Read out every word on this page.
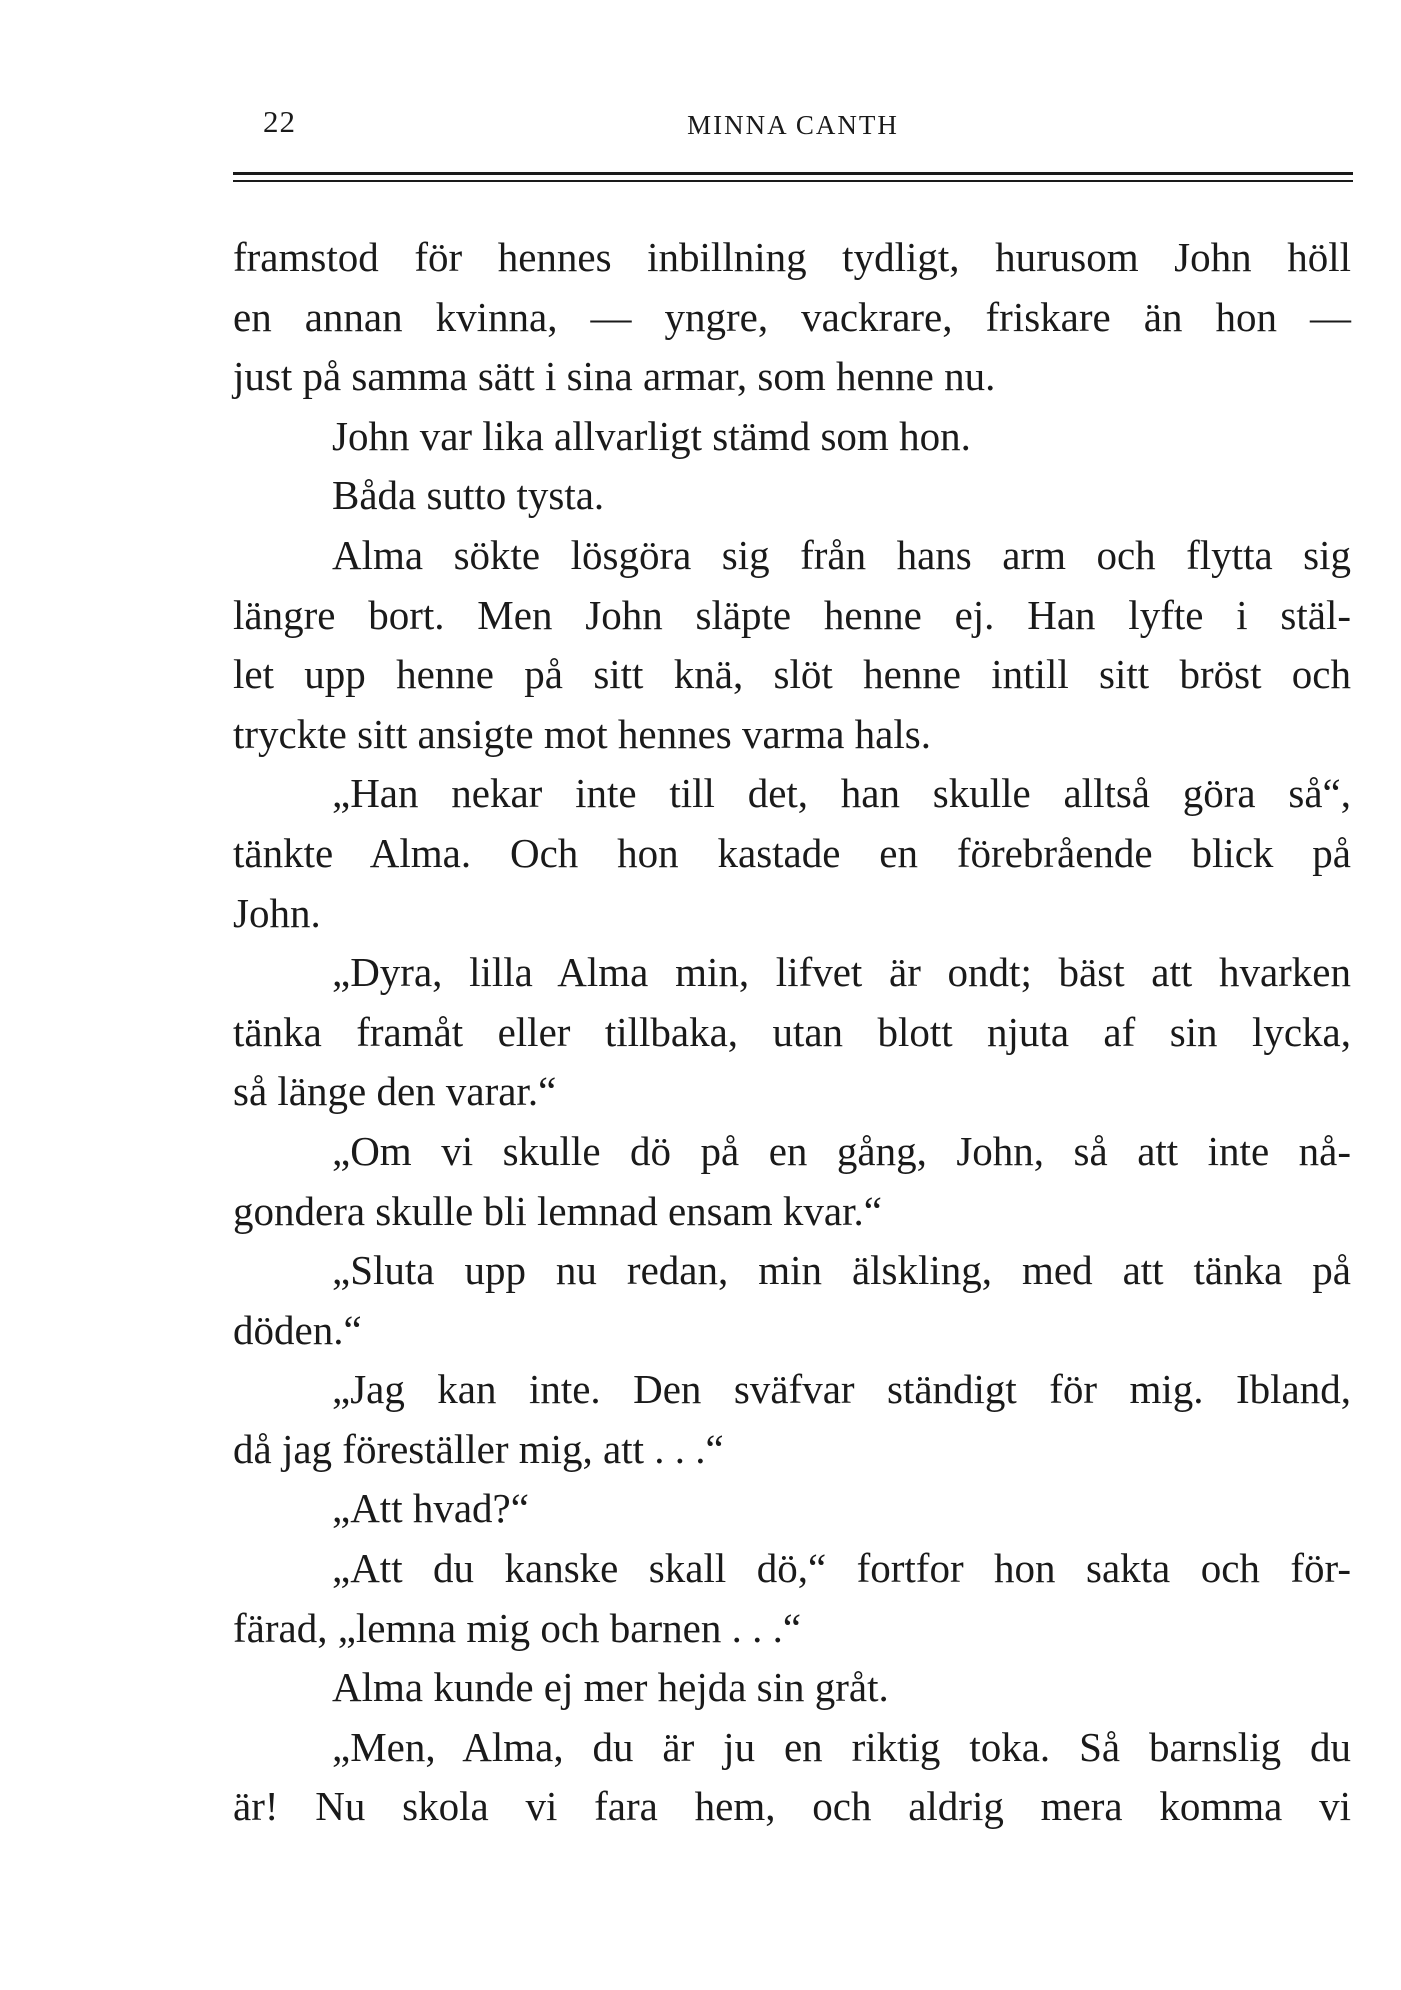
22	MINNA CANTH
framstod för hennes inbillning tydligt, hurusom John höll
en annan kvinna, — yngre, vackrare, friskare än hon —
just på samma sätt i sina armar, som henne nu.
John var lika allvarligt stämd som hon.
Båda sutto tysta.
Alma sökte lösgöra sig från hans arm och flytta sig
längre bort. Men John släpte henne ej. Han lyfte i stäl-
let upp henne på sitt knä, slöt henne intill sitt bröst och
tryckte sitt ansigte mot hennes varma hals.
„Han nekar inte till det, han skulle alltså göra så“,
tänkte Alma. Och hon kastade en förebrående blick på
John.
„Dyra, lilla Alma min, lifvet är ondt; bäst att hvarken
tänka framåt eller tillbaka, utan blott njuta af sin lycka,
så länge den varar.“
„Om vi skulle dö på en gång, John, så att inte nå-
gondera skulle bli lemnad ensam kvar.“
„Sluta upp nu redan, min älskling, med att tänka på
döden.“
„Jag kan inte. Den sväfvar ständigt för mig. Ibland,
då jag föreställer mig, att . . .“
„Att hvad?“
„Att du kanske skall dö,“ fortfor hon sakta och för-
färad, „lemna mig och barnen . . .“
Alma kunde ej mer hejda sin gråt.
„Men, Alma, du är ju en riktig toka. Så barnslig du
är! Nu skola vi fara hem, och aldrig mera komma vi
